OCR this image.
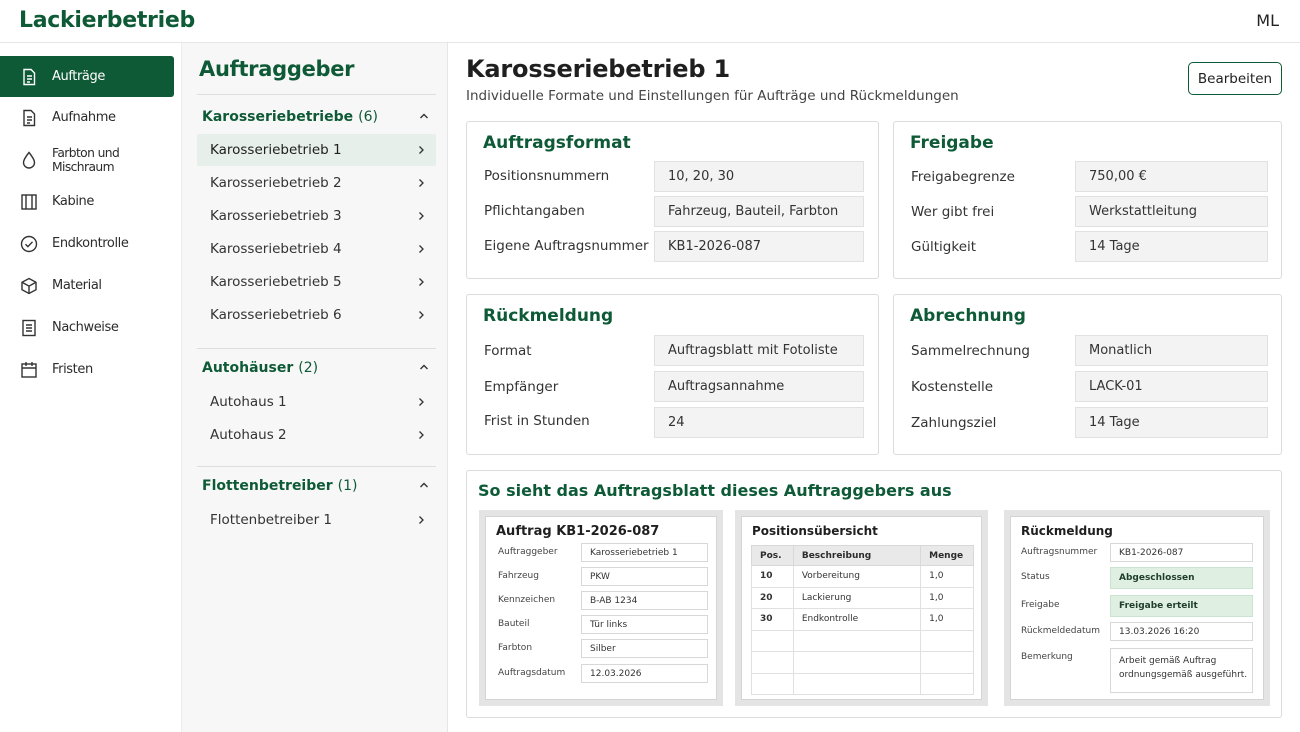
Lackierbetrieb	ML
Aufträge
Aufnahme
Farbton und Mischraum
Kabine
Endkontrolle
Material
Nachweise
Fristen
Auftraggeber
Karosseriebetriebe (6)
Karosseriebetrieb 1
Karosseriebetrieb 2
Karosseriebetrieb 3
Karosseriebetrieb 4
Karosseriebetrieb 5
Karosseriebetrieb 6
Autohäuser (2)
Autohaus 1
Autohaus 2
Flottenbetreiber (1)
Flottenbetreiber 1
Karosseriebetrieb 1
Individuelle Formate und Einstellungen für Aufträge und Rückmeldungen
Bearbeiten
Auftragsformat
Positionsnummern	10, 20, 30
Pflichtangaben	Fahrzeug, Bauteil, Farbton
Eigene Auftragsnummer	KB1-2026-087
Freigabe
Freigabegrenze	750,00 €
Wer gibt frei	Werkstattleitung
Gültigkeit	14 Tage
Rückmeldung
Format	Auftragsblatt mit Fotoliste
Empfänger	Auftragsannahme
Frist in Stunden	24
Abrechnung
Sammelrechnung	Monatlich
Kostenstelle	LACK-01
Zahlungsziel	14 Tage
So sieht das Auftragsblatt dieses Auftraggebers aus
Auftrag KB1-2026-087
Auftraggeber	Karosseriebetrieb 1
Fahrzeug	PKW
Kennzeichen	B-AB 1234
Bauteil	Tür links
Farbton	Silber
Auftragsdatum	12.03.2026
Positionsübersicht
Pos.	Beschreibung	Menge
10	Vorbereitung	1,0
20	Lackierung	1,0
30	Endkontrolle	1,0

Rückmeldung
Auftragsnummer	KB1-2026-087
Status	Abgeschlossen
Freigabe	Freigabe erteilt
Rückmeldedatum	13.03.2026 16:20
Bemerkung	Arbeit gemäß Auftrag ordnungsgemäß ausgeführt.
